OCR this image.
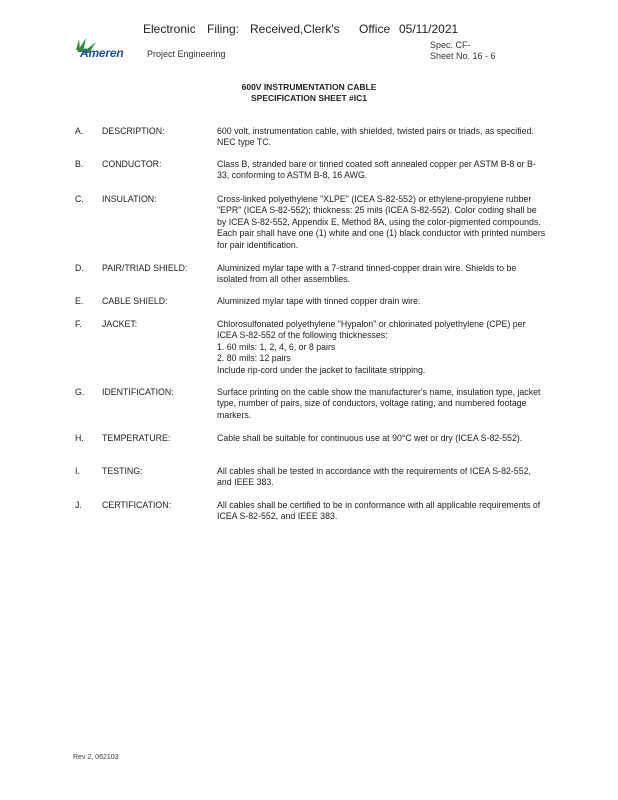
Electronic Filing: Received,Clerk's Office 05/11/2021
Ameren	Project Engineering
Spec. CF-
Sheet No. 16 - 6
600V INSTRUMENTATION CABLE
SPECIFICATION SHEET #IC1
A. DESCRIPTION:	600 volt, instrumentation cable, with shielded, twisted pairs or triads, as specified. NEC type TC.

B. CONDUCTOR:	Class B, stranded bare or tinned coated soft annealed copper per ASTM B-8 or B-33, conforming to ASTM B-8, 16 AWG.

C. INSULATION:	Cross-linked polyethylene "XLPE" (ICEA S-82-552) or ethylene-propylene rubber "EPR" (ICEA S-82-552); thickness: 25 mils (ICEA S-82-552). Color coding shall be by ICEA S-82-552, Appendix E, Method 8A, using the color-pigmented compounds. Each pair shall have one (1) white and one (1) black conductor with printed numbers for pair identification.

D. PAIR/TRIAD SHIELD:	Aluminized mylar tape with a 7-strand tinned-copper drain wire. Shields to be isolated from all other assemblies.

E. CABLE SHIELD:	Aluminized mylar tape with tinned copper drain wire.

F. JACKET:	Chlorosulfonated polyethylene "Hypalon" or chlorinated polyethylene (CPE) per ICEA S-82-552 of the following thicknesses:

1. 60 mils: 1, 2, 4, 6, or 8 pairs

2. 80 mils: 12 pairs

Include rip-cord under the jacket to facilitate stripping.

G. IDENTIFICATION:	Surface printing on the cable show the manufacturer's name, insulation type, jacket type, number of pairs, size of conductors, voltage rating, and numbered footage markers.

H. TEMPERATURE:	Cable shall be suitable for continuous use at 90°C wet or dry (ICEA S-82-552).

I.	TESTING:	All cables shall be tested in accordance with the requirements of ICEA S-82-552, and IEEE 383.

J. CERTIFICATION:	All cables shall be certified to be in conformance with all applicable requirements of ICEA S-82-552, and IEEE 383.

Rev 2, 062103
